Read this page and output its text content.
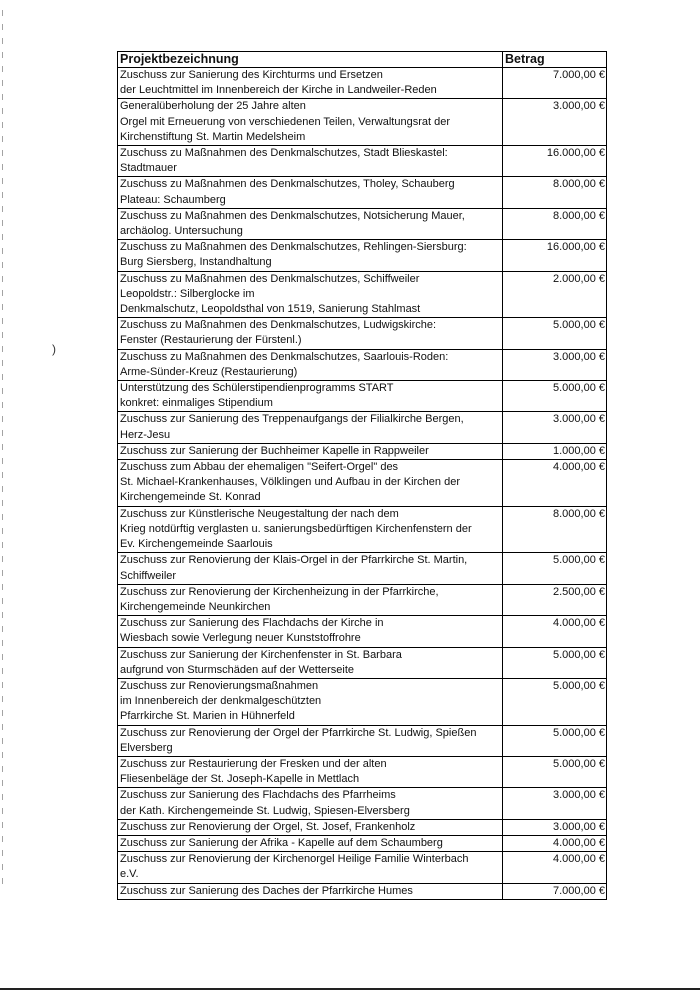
)
Projektbezeichnung	Betrag

Zuschuss zur Sanierung des Kirchturms und Ersetzen
der Leuchtmittel im Innenbereich der Kirche in Landweiler-Reden	7.000,00 €

Generalüberholung der 25 Jahre alten
Orgel mit Erneuerung von verschiedenen Teilen, Verwaltungsrat der
Kirchenstiftung St. Martin Medelsheim	3.000,00 €

Zuschuss zu Maßnahmen des Denkmalschutzes, Stadt Blieskastel:
Stadtmauer	16.000,00 €

Zuschuss zu Maßnahmen des Denkmalschutzes, Tholey, Schauberg
Plateau: Schaumberg	8.000,00 €

Zuschuss zu Maßnahmen des Denkmalschutzes, Notsicherung Mauer,
archäolog. Untersuchung	8.000,00 €

Zuschuss zu Maßnahmen des Denkmalschutzes, Rehlingen-Siersburg:
Burg Siersberg, Instandhaltung	16.000,00 €

Zuschuss zu Maßnahmen des Denkmalschutzes, Schiffweiler
Leopoldstr.: Silberglocke im
Denkmalschutz, Leopoldsthal von 1519, Sanierung Stahlmast	2.000,00 €

Zuschuss zu Maßnahmen des Denkmalschutzes, Ludwigskirche:
Fenster (Restaurierung der Fürstenl.)	5.000,00 €

Zuschuss zu Maßnahmen des Denkmalschutzes, Saarlouis-Roden:
Arme-Sünder-Kreuz (Restaurierung)	3.000,00 €

Unterstützung des Schülerstipendienprogramms START
konkret: einmaliges Stipendium	5.000,00 €

Zuschuss zur Sanierung des Treppenaufgangs der Filialkirche Bergen,
Herz-Jesu	3.000,00 €

Zuschuss zur Sanierung der Buchheimer Kapelle in Rappweiler	1.000,00 €

Zuschuss zum Abbau der ehemaligen "Seifert-Orgel" des
St. Michael-Krankenhauses, Völklingen und Aufbau in der Kirchen der
Kirchengemeinde St. Konrad	4.000,00 €

Zuschuss zur Künstlerische Neugestaltung der nach dem
Krieg notdürftig verglasten u. sanierungsbedürftigen Kirchenfenstern der
Ev. Kirchengemeinde Saarlouis	8.000,00 €

Zuschuss zur Renovierung der Klais-Orgel in der Pfarrkirche St. Martin,
Schiffweiler	5.000,00 €

Zuschuss zur Renovierung der Kirchenheizung in der Pfarrkirche,
Kirchengemeinde Neunkirchen	2.500,00 €

Zuschuss zur Sanierung des Flachdachs der Kirche in
Wiesbach sowie Verlegung neuer Kunststoffrohre	4.000,00 €

Zuschuss zur Sanierung der Kirchenfenster in St. Barbara
aufgrund von Sturmschäden auf der Wetterseite	5.000,00 €

Zuschuss zur Renovierungsmaßnahmen
im Innenbereich der denkmalgeschützten
Pfarrkirche St. Marien in Hühnerfeld	5.000,00 €

Zuschuss zur Renovierung der Orgel der Pfarrkirche St. Ludwig, Spießen
Elversberg	5.000,00 €

Zuschuss zur Restaurierung der Fresken und der alten
Fliesenbeläge der St. Joseph-Kapelle in Mettlach	5.000,00 €

Zuschuss zur Sanierung des Flachdachs des Pfarrheims
der Kath. Kirchengemeinde St. Ludwig, Spiesen-Elversberg	3.000,00 €

Zuschuss zur Renovierung der Orgel, St. Josef, Frankenholz	3.000,00 €

Zuschuss zur Sanierung der Afrika - Kapelle auf dem Schaumberg	4.000,00 €

Zuschuss zur Renovierung der Kirchenorgel Heilige Familie Winterbach
e.V.	4.000,00 €

Zuschuss zur Sanierung des Daches der Pfarrkirche Humes	7.000,00 €
